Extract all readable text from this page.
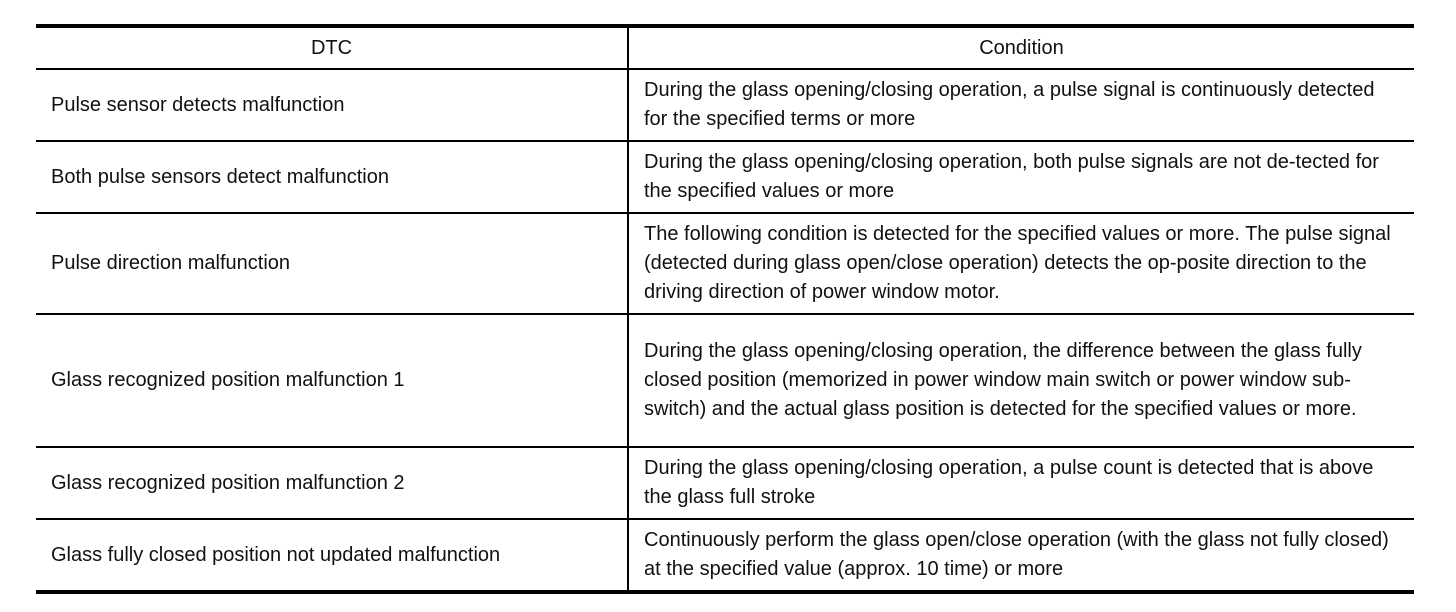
DTC	Condition
Pulse sensor detects malfunction	During the glass opening/closing operation, a pulse signal is continuously detected for the specified terms or more
Both pulse sensors detect malfunction	During the glass opening/closing operation, both pulse signals are not de-tected for the specified values or more
Pulse direction malfunction	The following condition is detected for the specified values or more. The pulse signal (detected during glass open/close operation) detects the op-posite direction to the driving direction of power window motor.
Glass recognized position malfunction 1	During the glass opening/closing operation, the difference between the glass fully closed position (memorized in power window main switch or power window sub-switch) and the actual glass position is detected for the specified values or more.
Glass recognized position malfunction 2	During the glass opening/closing operation, a pulse count is detected that is above the glass full stroke
Glass fully closed position not updated malfunction	Continuously perform the glass open/close operation (with the glass not fully closed) at the specified value (approx. 10 time) or more
